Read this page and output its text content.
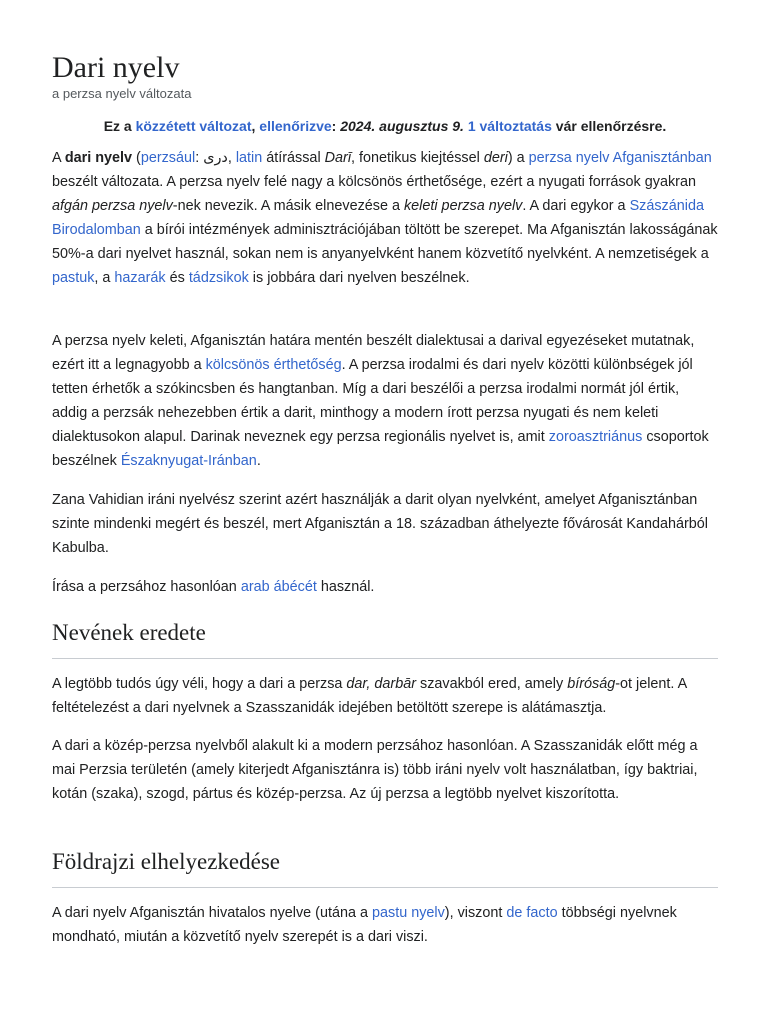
Dari nyelv
a perzsa nyelv változata
Ez a közzétett változat, ellenőrizve: 2024. augusztus 9. 1 változtatás vár ellenőrzésre.

A dari nyelv (perzsául: دری, latin átírással Darī, fonetikus kiejtéssel deri) a perzsa nyelv Afganisztánban beszélt változata. A perzsa nyelv felé nagy a kölcsönös érthetősége, ezért a nyugati források gyakran afgán perzsa nyelv-nek nevezik. A másik elnevezése a keleti perzsa nyelv. A dari egykor a Szászánida Birodalomban a bírói intézmények adminisztrációjában töltött be szerepet. Ma Afganisztán lakosságának 50%-a dari nyelvet használ, sokan nem is anyanyelvként hanem közvetítő nyelvként. A nemzetiségek a pastuk, a hazarák és tádzsikok is jobbára dari nyelven beszélnek.

A perzsa nyelv keleti, Afganisztán határa mentén beszélt dialektusai a darival egyezéseket mutatnak, ezért itt a legnagyobb a kölcsönös érthetőség. A perzsa irodalmi és dari nyelv közötti különbségek jól tetten érhetők a szókincsben és hangtanban. Míg a dari beszélői a perzsa irodalmi normát jól értik, addig a perzsák nehezebben értik a darit, minthogy a modern írott perzsa nyugati és nem keleti dialektusokon alapul. Darinak neveznek egy perzsa regionális nyelvet is, amit zoroasztriánus csoportok beszélnek Északnyugat-Iránban.

Zana Vahidian iráni nyelvész szerint azért használják a darit olyan nyelvként, amelyet Afganisztánban szinte mindenki megért és beszél, mert Afganisztán a 18. században áthelyezte fővárosát Kandahárból Kabulba.

Írása a perzsához hasonlóan arab ábécét használ.

Nevének eredete

A legtöbb tudós úgy véli, hogy a dari a perzsa dar, darbār szavakból ered, amely bíróság-ot jelent. A feltételezést a dari nyelvnek a Szasszanidák idejében betöltött szerepe is alátámasztja.

A dari a közép-perzsa nyelvből alakult ki a modern perzsához hasonlóan. A Szasszanidák előtt még a mai Perzsia területén (amely kiterjedt Afganisztánra is) több iráni nyelv volt használatban, így baktriai, kotán (szaka), szogd, pártus és közép-perzsa. Az új perzsa a legtöbb nyelvet kiszorította.

Földrajzi elhelyezkedése

A dari nyelv Afganisztán hivatalos nyelve (utána a pastu nyelv), viszont de facto többségi nyelvnek mondható, miután a közvetítő nyelv szerepét is a dari viszi.
